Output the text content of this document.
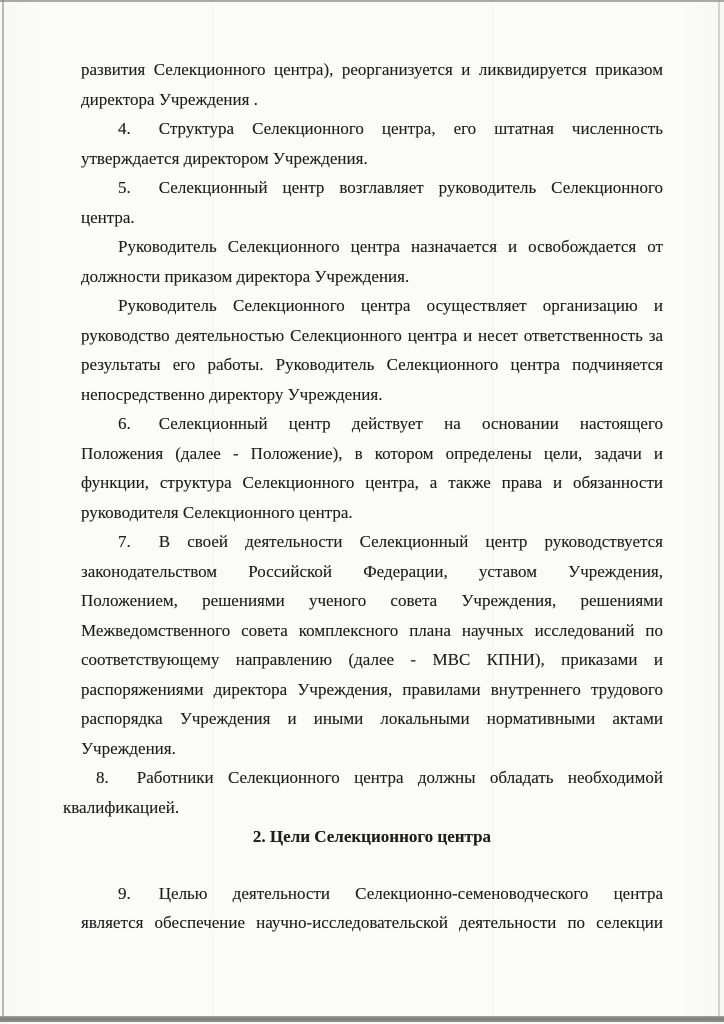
развития Селекционного центра), реорганизуется и ликвидируется приказом
директора Учреждения .
4. Структура Селекционного центра, его штатная численность
утверждается директором Учреждения.
5. Селекционный центр возглавляет руководитель Селекционного
центра.
Руководитель Селекционного центра назначается и освобождается от
должности приказом директора Учреждения.
Руководитель Селекционного центра осуществляет организацию и
руководство деятельностью Селекционного центра и несет ответственность за
результаты его работы. Руководитель Селекционного центра подчиняется
непосредственно директору Учреждения.
6. Селекционный центр действует на основании настоящего
Положения (далее - Положение), в котором определены цели, задачи и
функции, структура Селекционного центра, а также права и обязанности
руководителя Селекционного центра.
7. В своей деятельности Селекционный центр руководствуется
законодательством Российской Федерации, уставом Учреждения,
Положением, решениями ученого совета Учреждения, решениями
Межведомственного совета комплексного плана научных исследований по
соответствующему направлению (далее - МВС КПНИ), приказами и
распоряжениями директора Учреждения, правилами внутреннего трудового
распорядка Учреждения и иными локальными нормативными актами
Учреждения.
8. Работники Селекционного центра должны обладать необходимой
квалификацией.
2. Цели Селекционного центра
9. Целью деятельности Селекционно-семеноводческого центра
является обеспечение научно-исследовательской деятельности по селекции
